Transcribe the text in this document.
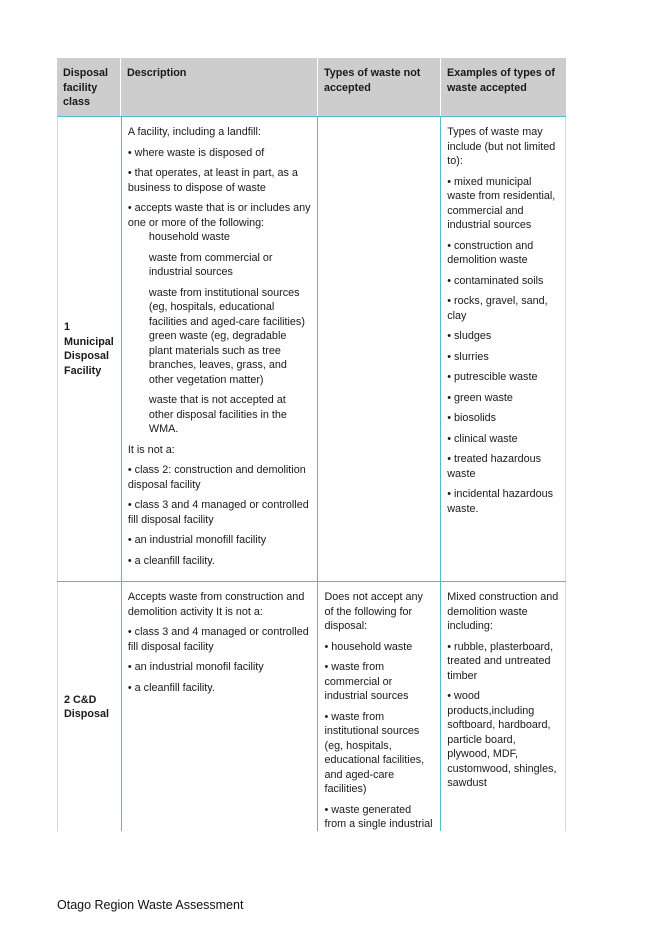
Disposal facility class
Description	Types of waste not accepted
Examples of types of waste accepted
1 Municipal Disposal Facility

A facility, including a landfill:

• where waste is disposed of

• that operates, at least in part, as a business to dispose of waste

• accepts waste that is or includes any one or more of the following:

household waste

waste from commercial or industrial sources

waste from institutional sources (eg, hospitals, educational facilities and aged-care facilities)

green waste (eg, degradable plant materials such as tree branches, leaves, grass, and other vegetation matter)

waste that is not accepted at other disposal facilities in the WMA.

It is not a:

• class 2: construction and demolition disposal facility

• class 3 and 4 managed or controlled fill disposal facility

• an industrial monofill facility

• a cleanfill facility.

Types of waste may include (but not limited to):

• mixed municipal waste from residential, commercial and industrial sources

• construction and demolition waste

• contaminated soils

• rocks, gravel, sand, clay

• sludges

• slurries

• putrescible waste

• green waste

• biosolids

• clinical waste

• treated hazardous waste

• incidental hazardous waste.

2 C&D Disposal

Accepts waste from construction and demolition activity It is not a:

• class 3 and 4 managed or controlled fill disposal facility

• an industrial monofil facility

• a cleanfill facility.

Does not accept any of the following for disposal:

• household waste

• waste from commercial or industrial sources

• waste from institutional sources (eg, hospitals, educational facilities, and aged-care facilities)

• waste generated from a single industrial

Mixed construction and demolition waste including:

• rubble, plasterboard, treated and untreated timber

• wood products,including softboard, hardboard, particle board, plywood, MDF, customwood, shingles, sawdust

Otago Region Waste Assessment
